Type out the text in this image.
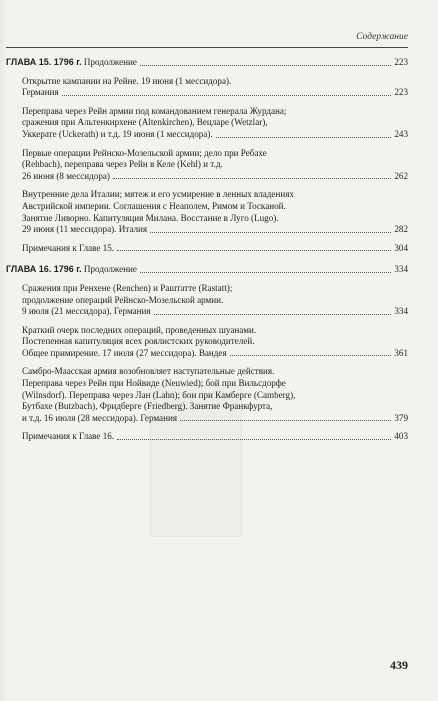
Содержание
ГЛАВА 15. 1796 г. Продолжение	223
Открытие кампании на Рейне. 19 июня (1 мессидора).
Германия	223
Переправа через Рейн армии под командованием генерала Журдана;
сражения при Альтенкирхене (Altenkirchen), Вецларе (Wetzlar),
Уккерате (Uckerath) и т.д. 19 июня (1 мессидора).	243
Первые операции Рейнско-Мозельской армии; дело при Ребахе
(Rehbach), переправа через Рейн в Келе (Kehl) и т.д.
26 июня (8 мессидора)	262
Внутренние дела Италии; мятеж и его усмирение в ленных владениях
Австрийской империи. Соглашения с Неаполем, Римом и Тосканой.
Занятие Ливорно. Капитуляция Милана. Восстание в Луго (Lugo).
29 июня (11 мессидора). Италия	282
Примечания к Главе 15.	304
ГЛАВА 16. 1796 г. Продолжение	334
Сражения при Ренхене (Renchen) и Раштатте (Rastatt);
продолжение операций Рейнско-Мозельской армии.
9 июля (21 мессидора). Германия	334
Краткий очерк последних операций, проведенных шуанами.
Постепенная капитуляция всех роялистских руководителей.
Общее примирение. 17 июля (27 мессидора). Вандея	361
Самбро-Маасская армия возобновляет наступательные действия.
Переправа через Рейн при Нойвиде (Neuwied); бой при Вильсдорфе
(Wilnsdorf). Переправа через Лан (Lahn); бои при Камберге (Camberg),
Бутбахе (Butzbach), Фридберге (Friedberg). Занятие Франкфурта,
и т.д. 16 июля (28 мессидора). Германия	379
Примечания к Главе 16.	403
439
